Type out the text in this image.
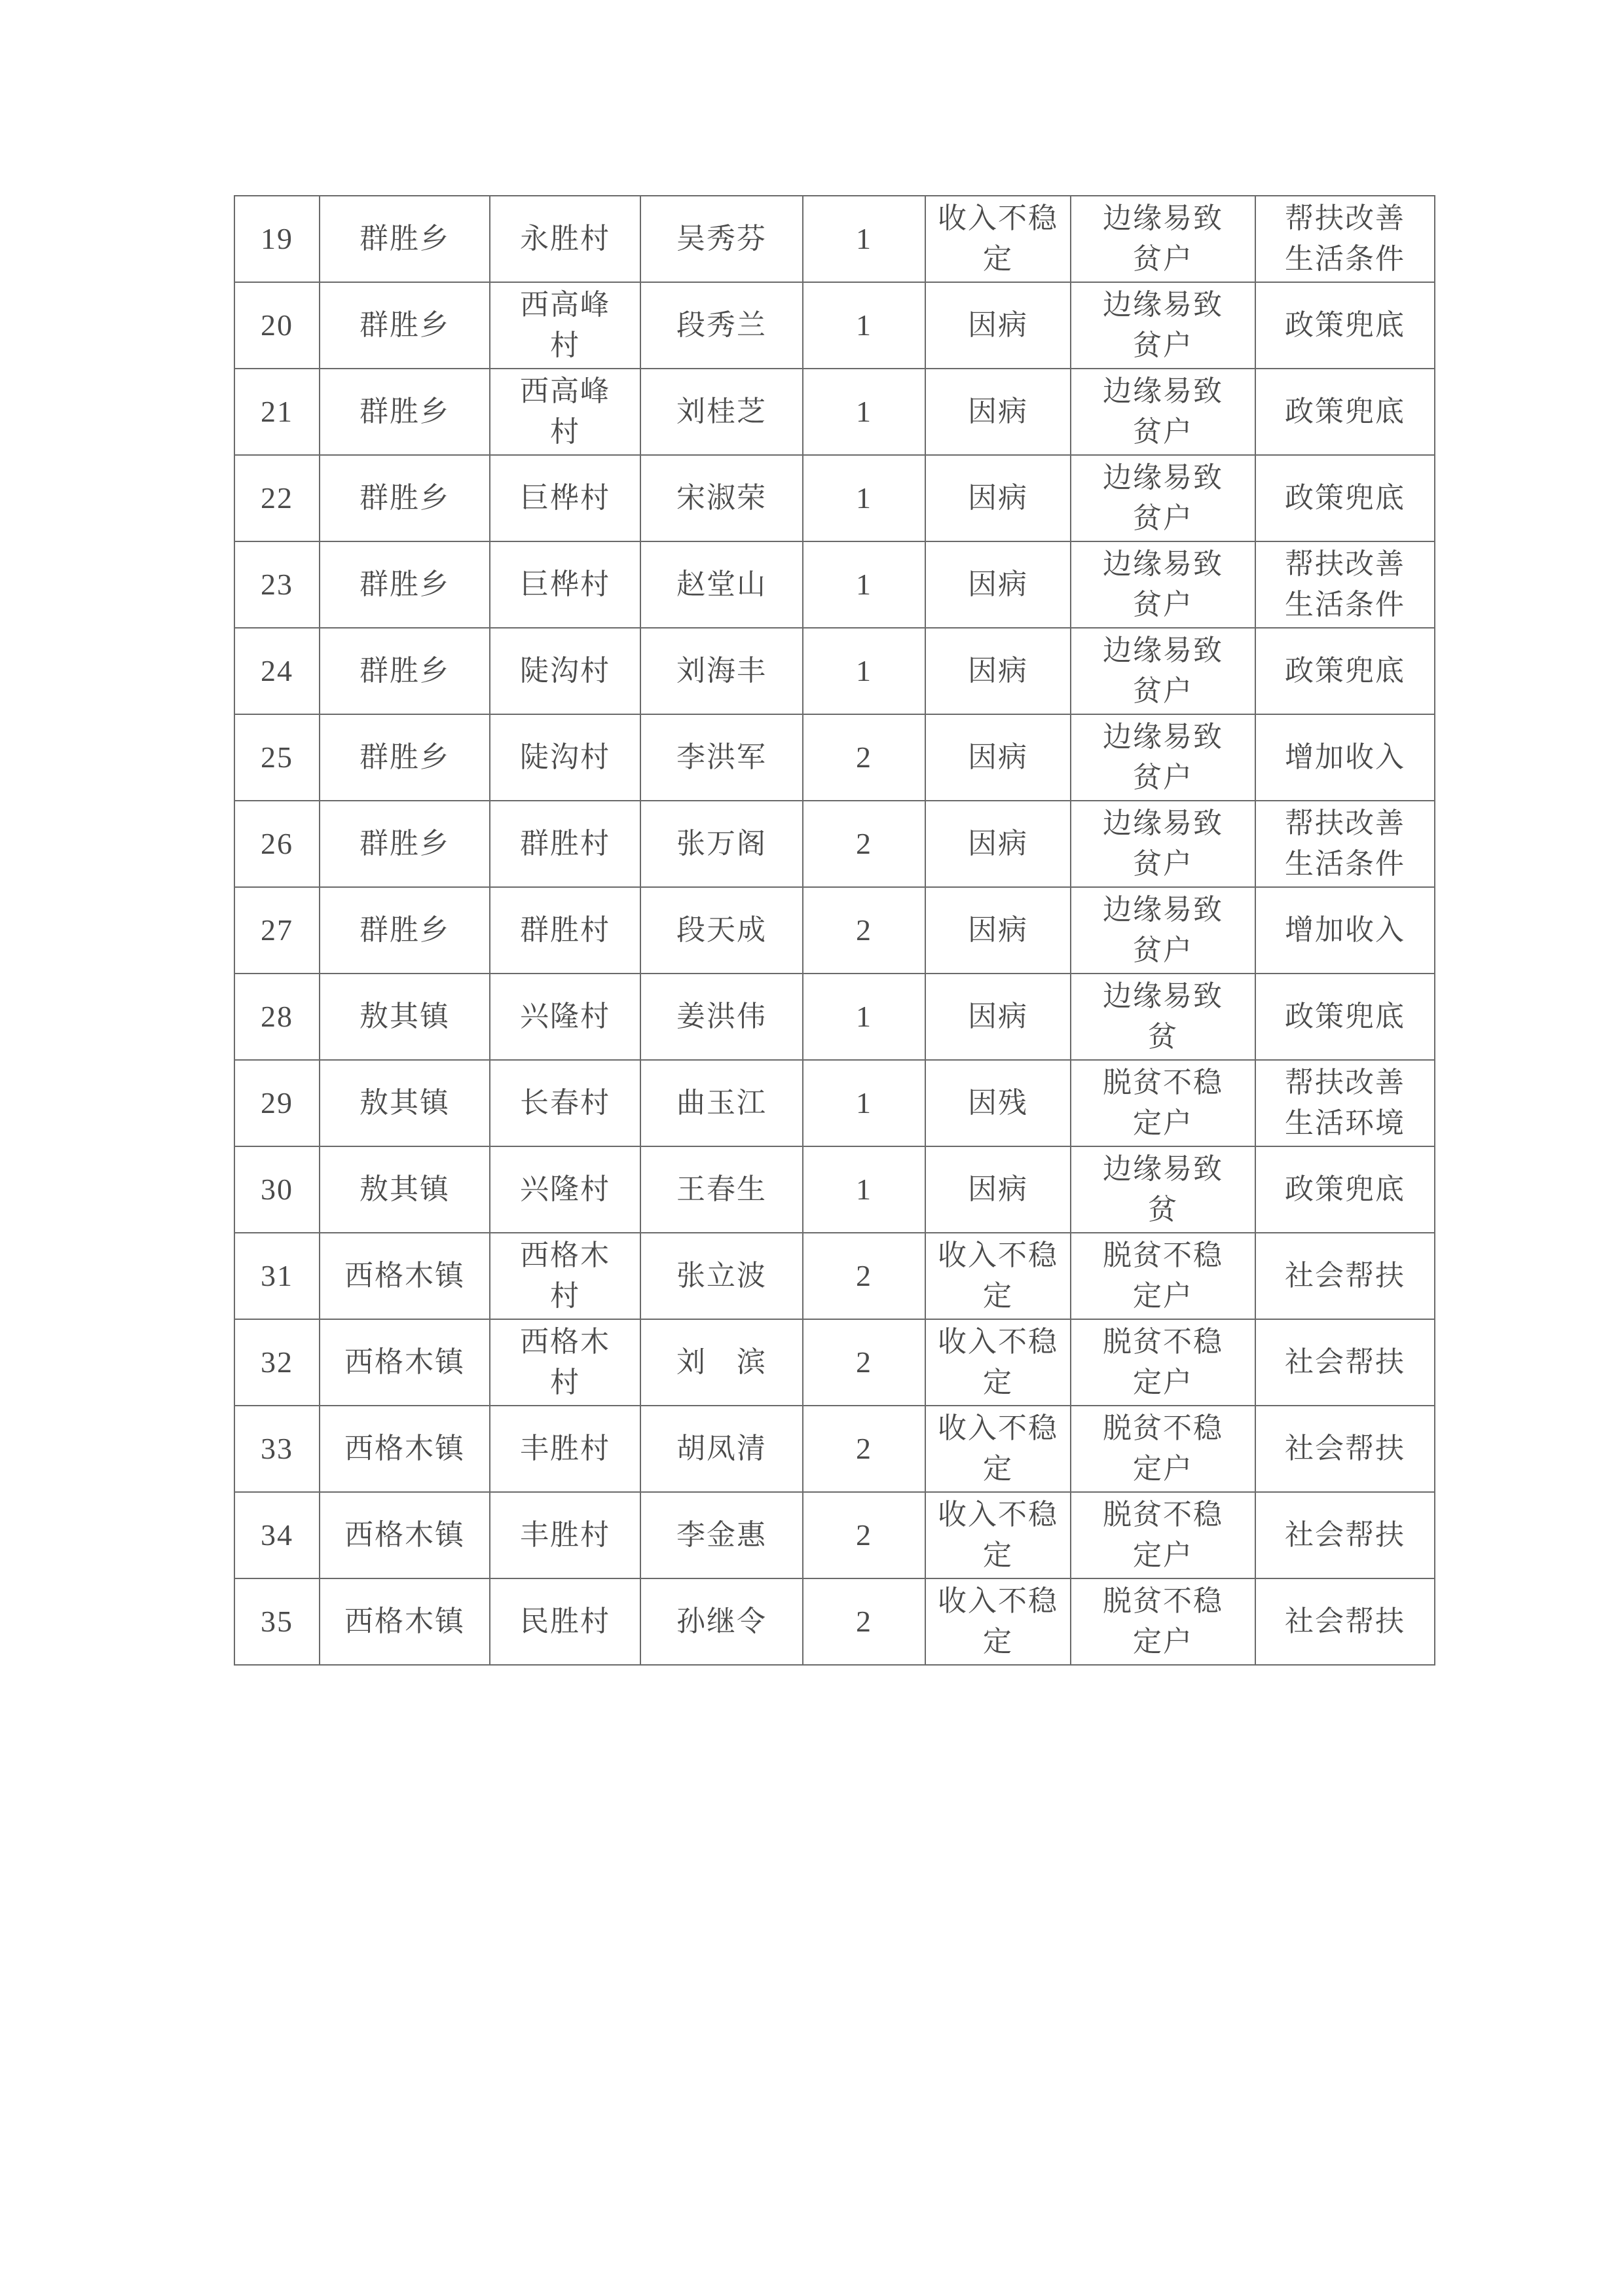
19	群胜乡	永胜村	吴秀芬	1	收入不稳定	边缘易致贫户	帮扶改善生活条件
20	群胜乡	西高峰村	段秀兰	1	因病	边缘易致贫户	政策兜底
21	群胜乡	西高峰村	刘桂芝	1	因病	边缘易致贫户	政策兜底
22	群胜乡	巨桦村	宋淑荣	1	因病	边缘易致贫户	政策兜底
23	群胜乡	巨桦村	赵堂山	1	因病	边缘易致贫户	帮扶改善生活条件
24	群胜乡	陡沟村	刘海丰	1	因病	边缘易致贫户	政策兜底
25	群胜乡	陡沟村	李洪军	2	因病	边缘易致贫户	增加收入
26	群胜乡	群胜村	张万阁	2	因病	边缘易致贫户	帮扶改善生活条件
27	群胜乡	群胜村	段天成	2	因病	边缘易致贫户	增加收入
28	敖其镇	兴隆村	姜洪伟	1	因病	边缘易致贫	政策兜底
29	敖其镇	长春村	曲玉江	1	因残	脱贫不稳定户	帮扶改善生活环境
30	敖其镇	兴隆村	王春生	1	因病	边缘易致贫	政策兜底
31	西格木镇	西格木村	张立波	2	收入不稳定	脱贫不稳定户	社会帮扶
32	西格木镇	西格木村	刘　滨	2	收入不稳定	脱贫不稳定户	社会帮扶
33	西格木镇	丰胜村	胡凤清	2	收入不稳定	脱贫不稳定户	社会帮扶
34	西格木镇	丰胜村	李金惠	2	收入不稳定	脱贫不稳定户	社会帮扶
35	西格木镇	民胜村	孙继令	2	收入不稳定	脱贫不稳定户	社会帮扶
